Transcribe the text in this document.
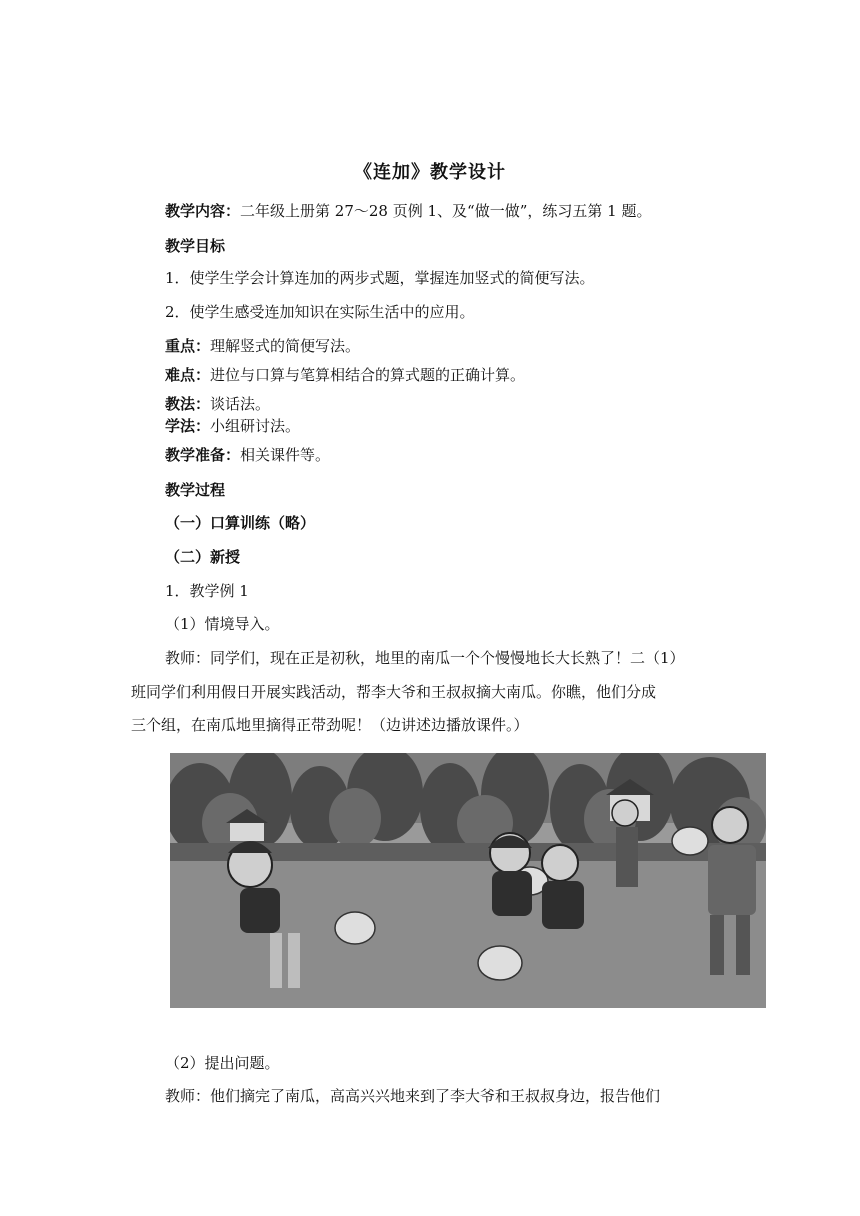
《连加》教学设计
教学内容：二年级上册第 27～28 页例 1、及“做一做”，练习五第 1 题。
教学目标
1．使学生学会计算连加的两步式题，掌握连加竖式的简便写法。
2．使学生感受连加知识在实际生活中的应用。
重点：理解竖式的简便写法。
难点：进位与口算与笔算相结合的算式题的正确计算。
教法：谈话法。
学法：小组研讨法。
教学准备：相关课件等。
教学过程
（一）口算训练（略）
（二）新授
1．教学例 1
（1）情境导入。
教师：同学们，现在正是初秋，地里的南瓜一个个慢慢地长大长熟了！二（1）
班同学们利用假日开展实践活动，帮李大爷和王叔叔摘大南瓜。你瞧，他们分成
三个组，在南瓜地里摘得正带劲呢！（边讲述边播放课件。）
（2）提出问题。
教师：他们摘完了南瓜，高高兴兴地来到了李大爷和王叔叔身边，报告他们
